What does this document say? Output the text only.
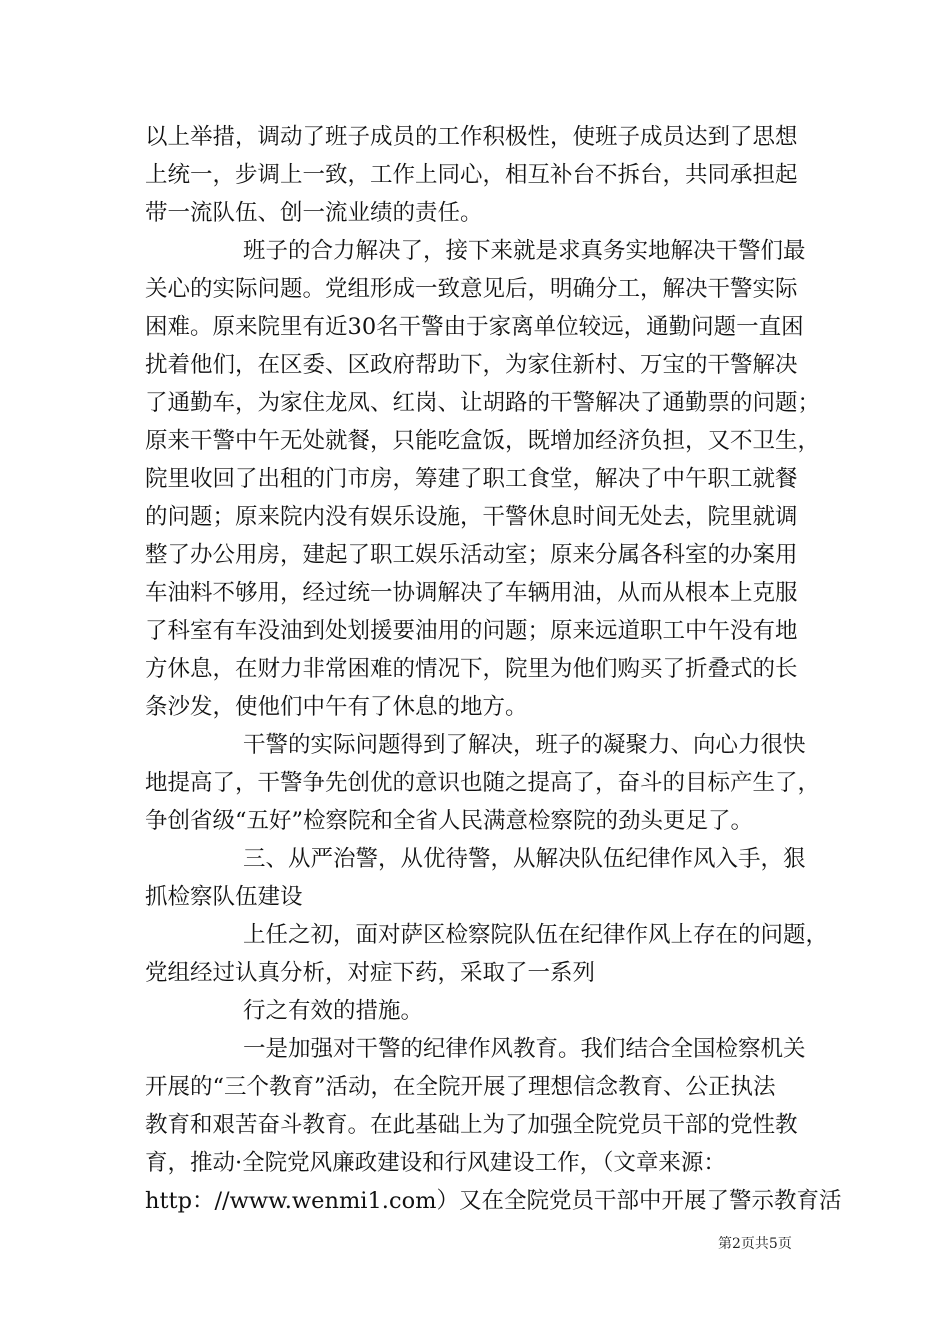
以上举措，调动了班子成员的工作积极性，使班子成员达到了思想
上统一，步调上一致，工作上同心，相互补台不拆台，共同承担起
带一流队伍、创一流业绩的责任。
班子的合力解决了，接下来就是求真务实地解决干警们最
关心的实际问题。党组形成一致意见后，明确分工，解决干警实际
困难。原来院里有近30名干警由于家离单位较远，通勤问题一直困
扰着他们，在区委、区政府帮助下，为家住新村、万宝的干警解决
了通勤车，为家住龙凤、红岗、让胡路的干警解决了通勤票的问题；
原来干警中午无处就餐，只能吃盒饭，既增加经济负担，又不卫生，
院里收回了出租的门市房，筹建了职工食堂，解决了中午职工就餐
的问题；原来院内没有娱乐设施，干警休息时间无处去，院里就调
整了办公用房，建起了职工娱乐活动室；原来分属各科室的办案用
车油料不够用，经过统一协调解决了车辆用油，从而从根本上克服
了科室有车没油到处划援要油用的问题；原来远道职工中午没有地
方休息，在财力非常困难的情况下，院里为他们购买了折叠式的长
条沙发，使他们中午有了休息的地方。
干警的实际问题得到了解决，班子的凝聚力、向心力很快
地提高了，干警争先创优的意识也随之提高了，奋斗的目标产生了，
争创省级“五好”检察院和全省人民满意检察院的劲头更足了。
三、从严治警，从优待警，从解决队伍纪律作风入手，狠
抓检察队伍建设
上任之初，面对萨区检察院队伍在纪律作风上存在的问题，
党组经过认真分析，对症下药，采取了一系列
行之有效的措施。
一是加强对干警的纪律作风教育。我们结合全国检察机关
开展的“三个教育”活动，在全院开展了理想信念教育、公正执法
教育和艰苦奋斗教育。在此基础上为了加强全院党员干部的党性教
育，推动·全院党风廉政建设和行风建设工作，（文章来源：
http：//www.wenmi1.com）又在全院党员干部中开展了警示教育活
第2页共5页
